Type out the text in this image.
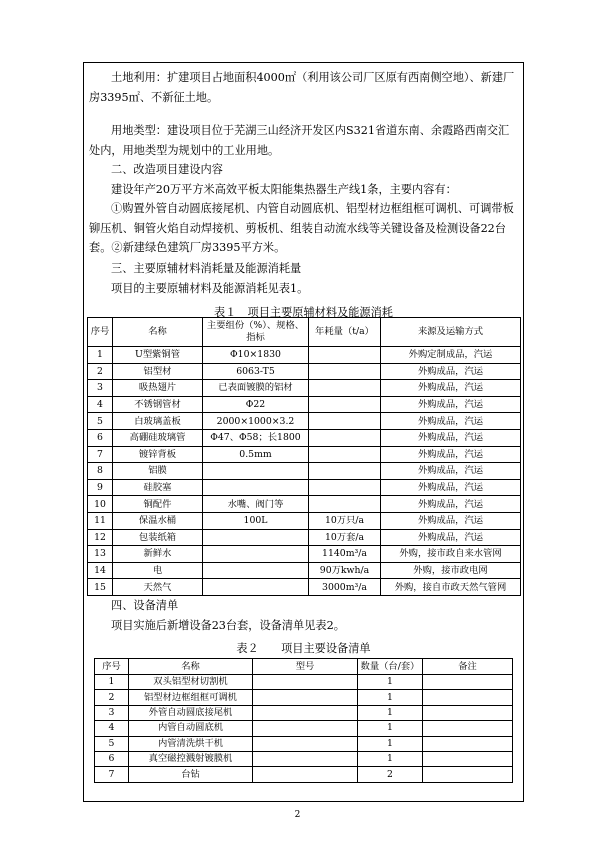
土地利用：扩建项目占地面积4000㎡（利用该公司厂区原有西南侧空地）、新建厂房3395㎡、不新征土地。

用地类型：建设项目位于芜湖三山经济开发区内S321省道东南、余霞路西南交汇处内，用地类型为规划中的工业用地。

二、改造项目建设内容

建设年产20万平方米高效平板太阳能集热器生产线1条，主要内容有：

①购置外管自动圆底接尾机、内管自动圆底机、铝型材边框组框可调机、可调带板铆压机、铜管火焰自动焊接机、剪板机、组装自动流水线等关键设备及检测设备22台套。②新建绿色建筑厂房3395平方米。

三、主要原辅材料消耗量及能源消耗量

项目的主要原辅材料及能源消耗见表1。

表１　项目主要原辅材料及能源消耗
序号	名称	主要组份（%）、规格、指标	年耗量（t/a）	来源及运输方式
1	U型紫铜管	Φ10×1830		外购定制成品，汽运
2	铝型材	6063-T5		外购成品，汽运
3	吸热翅片	已表面镀膜的铝材		外购成品，汽运
4	不锈钢管材	Φ22		外购成品，汽运
5	白玻璃盖板	2000×1000×3.2		外购成品，汽运
6	高硼硅玻璃管	Φ47、Φ58；长1800		外购成品，汽运
7	镀锌背板	0.5mm		外购成品，汽运
8	铝膜			外购成品，汽运
9	硅胶塞			外购成品，汽运
10	铜配件	水嘴、阀门等		外购成品，汽运
11	保温水桶	100L	10万只/a	外购成品，汽运
12	包装纸箱		10万套/a	外购成品，汽运
13	新鲜水		1140m³/a	外购，接市政自来水管网
14	电		90万kwh/a	外购，接市政电网
15	天然气		3000m³/a	外购，接自市政天然气管网

四、设备清单

项目实施后新增设备23台套，设备清单见表2。

表２　　项目主要设备清单
序号	名称	型号	数量（台/套）	备注
1	双头铝型材切割机		1	
2	铝型材边框组框可调机		1	
3	外管自动圆底接尾机		1	
4	内管自动圆底机		1	
5	内管清洗烘干机		1	
6	真空磁控溅射镀膜机		1	
7	台钻		2	
2
